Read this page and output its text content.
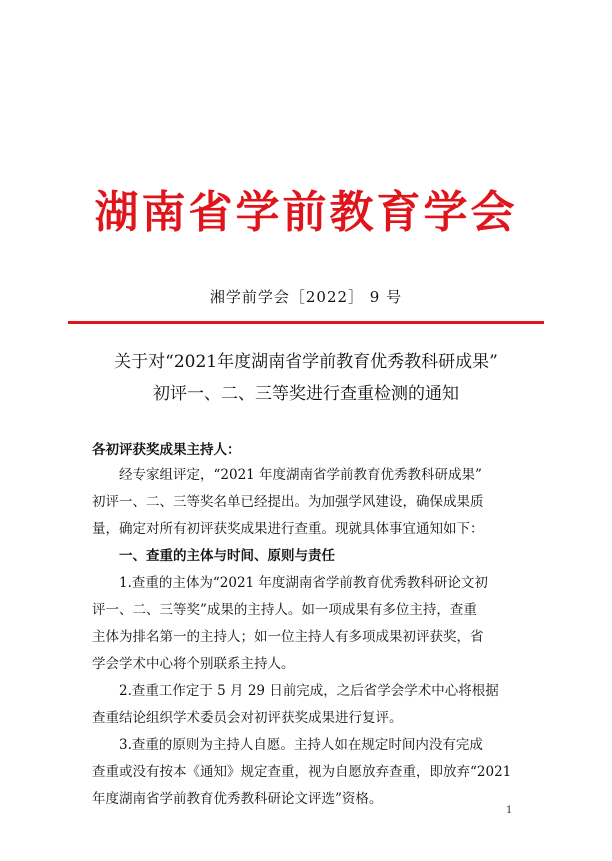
湖南省学前教育学会
湘学前学会［2022］ 9 号
关于对“2021年度湖南省学前教育优秀教科研成果”
初评一、二、三等奖进行查重检测的通知
各初评获奖成果主持人：
经专家组评定，“2021 年度湖南省学前教育优秀教科研成果”
初评一、二、三等奖名单已经提出。为加强学风建设，确保成果质
量，确定对所有初评获奖成果进行查重。现就具体事宜通知如下：
一、查重的主体与时间、原则与责任
1.查重的主体为“2021 年度湖南省学前教育优秀教科研论文初
评一、二、三等奖”成果的主持人。如一项成果有多位主持，查重
主体为排名第一的主持人；如一位主持人有多项成果初评获奖，省
学会学术中心将个别联系主持人。
2.查重工作定于 5 月 29 日前完成，之后省学会学术中心将根据
查重结论组织学术委员会对初评获奖成果进行复评。
3.查重的原则为主持人自愿。主持人如在规定时间内没有完成
查重或没有按本《通知》规定查重，视为自愿放弃查重，即放弃“2021
年度湖南省学前教育优秀教科研论文评选”资格。
1
